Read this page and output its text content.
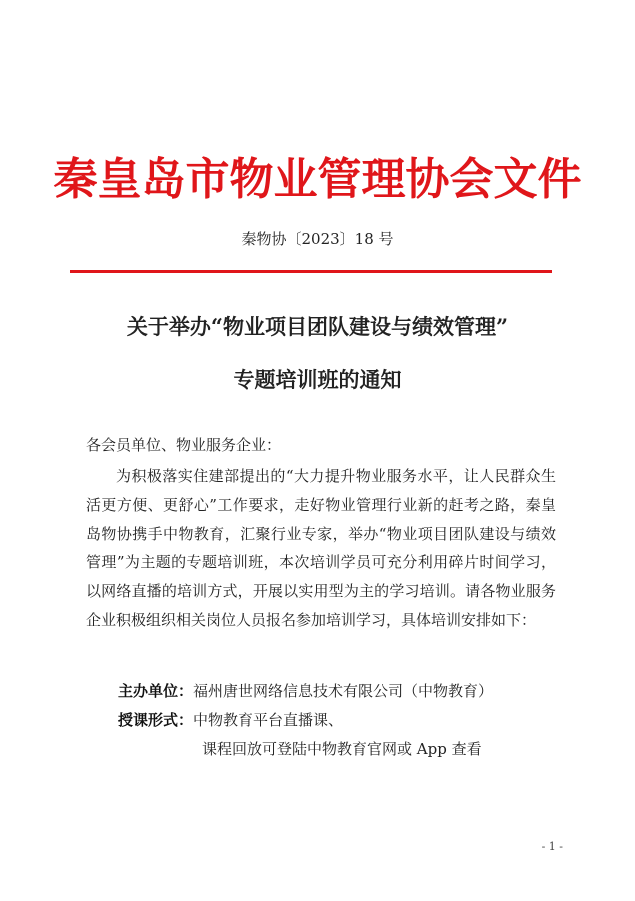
秦皇岛市物业管理协会文件
秦物协〔2023〕18 号
关于举办“物业项目团队建设与绩效管理”
专题培训班的通知
各会员单位、物业服务企业：
为积极落实住建部提出的“大力提升物业服务水平，让人民群众生活更方便、更舒心”工作要求，走好物业管理行业新的赶考之路，秦皇岛物协携手中物教育，汇聚行业专家，举办“物业项目团队建设与绩效管理”为主题的专题培训班，本次培训学员可充分利用碎片时间学习，以网络直播的培训方式，开展以实用型为主的学习培训。请各物业服务企业积极组织相关岗位人员报名参加培训学习，具体培训安排如下：
主办单位：福州唐世网络信息技术有限公司（中物教育）
授课形式：中物教育平台直播课、
课程回放可登陆中物教育官网或 App 查看
- 1 -
